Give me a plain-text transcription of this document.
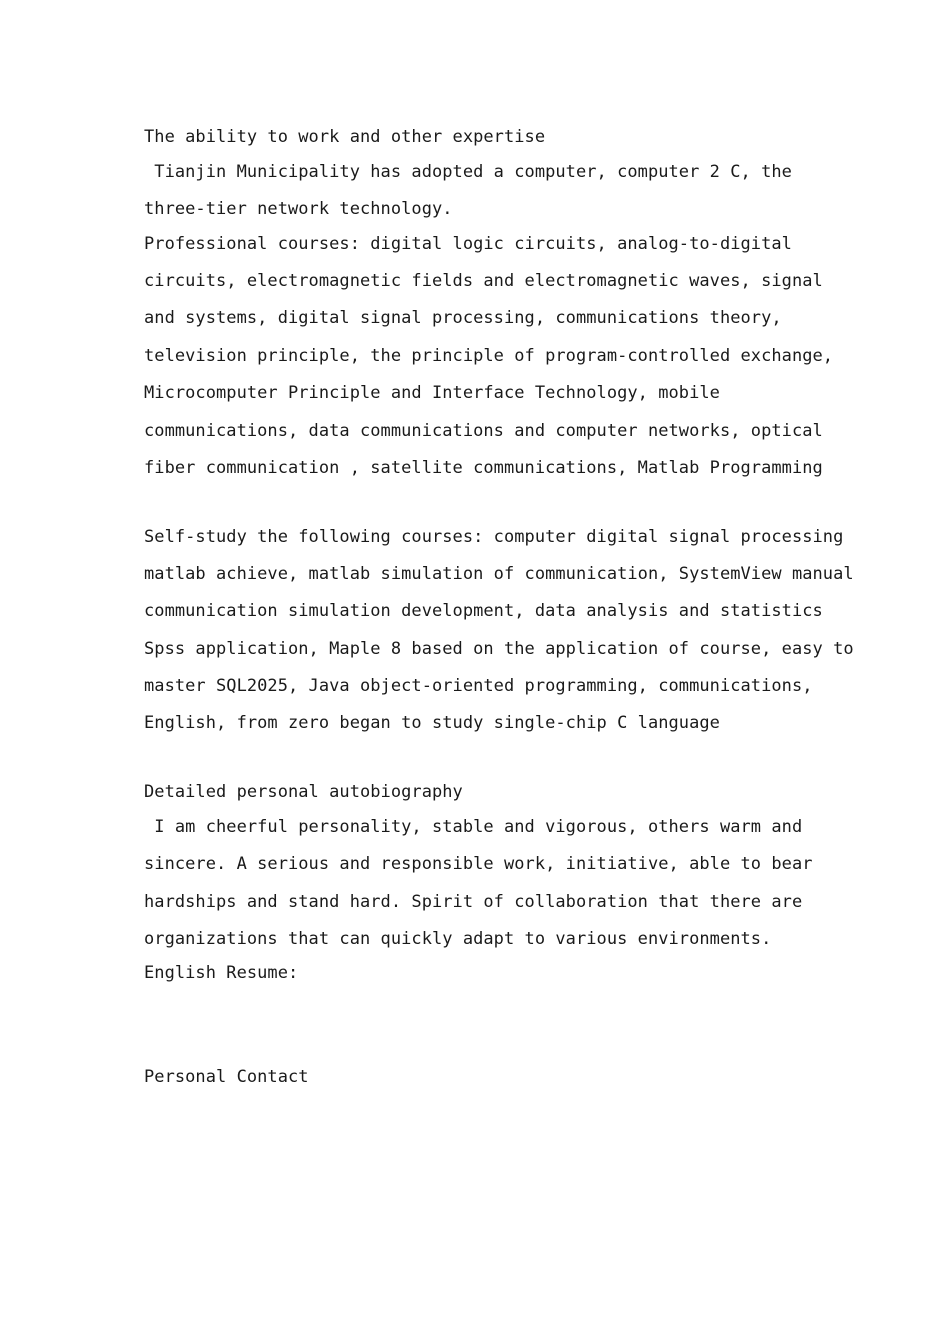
The ability to work and other expertise
Tianjin Municipality has adopted a computer, computer 2 C, the
three-tier network technology.
Professional courses: digital logic circuits, analog-to-digital
circuits, electromagnetic fields and electromagnetic waves, signal
and systems, digital signal processing, communications theory,
television principle, the principle of program-controlled exchange,
Microcomputer Principle and Interface Technology, mobile
communications, data communications and computer networks, optical
fiber communication , satellite communications, Matlab Programming
Self-study the following courses: computer digital signal processing
matlab achieve, matlab simulation of communication, SystemView manual
communication simulation development, data analysis and statistics
Spss application, Maple 8 based on the application of course, easy to
master SQL2025, Java object-oriented programming, communications,
English, from zero began to study single-chip C language
Detailed personal autobiography
I am cheerful personality, stable and vigorous, others warm and
sincere. A serious and responsible work, initiative, able to bear
hardships and stand hard. Spirit of collaboration that there are
organizations that can quickly adapt to various environments.
English Resume:
Personal Contact
